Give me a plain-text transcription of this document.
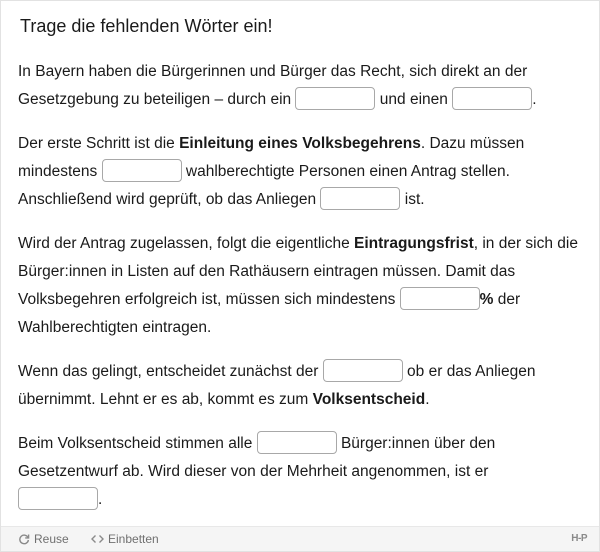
Trage die fehlenden Wörter ein!

In Bayern haben die Bürgerinnen und Bürger das Recht, sich direkt an der Gesetzgebung zu beteiligen – durch ein	und einen	.

Der erste Schritt ist die Einleitung eines Volksbegehrens. Dazu müssen mindestens	wahlberechtigte Personen einen Antrag stellen. Anschließend wird geprüft, ob das Anliegen	ist.

Wird der Antrag zugelassen, folgt die eigentliche Eintragungsfrist, in der sich die Bürger:innen in Listen auf den Rathäusern eintragen müssen. Damit das Volksbegehren erfolgreich ist, müssen sich mindestens	% der Wahlberechtigten eintragen.

Wenn das gelingt, entscheidet zunächst der	ob er das Anliegen übernimmt. Lehnt er es ab, kommt es zum Volksentscheid.

Beim Volksentscheid stimmen alle	Bürger:innen über den Gesetzentwurf ab. Wird dieser von der Mehrheit angenommen, ist er
.

Reuse	Einbetten	H-P
